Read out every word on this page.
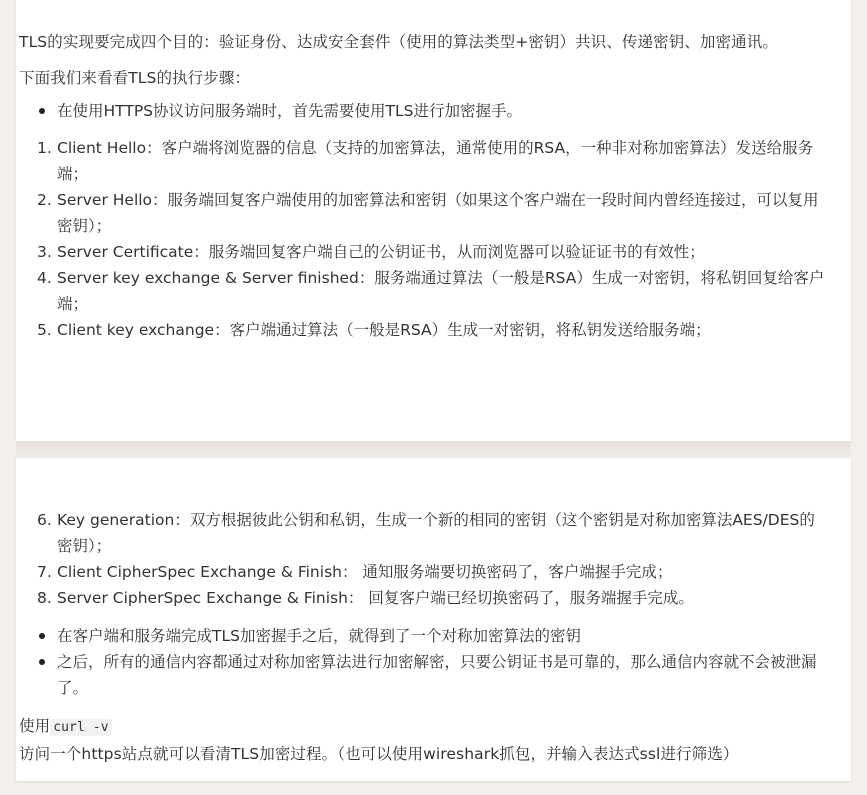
TLS的实现要完成四个目的：验证身份、达成安全套件（使用的算法类型+密钥）共识、传递密钥、加密通讯。

下面我们来看看TLS的执行步骤：

在使用HTTPS协议访问服务端时，首先需要使用TLS进行加密握手。
1. Client Hello：客户端将浏览器的信息（支持的加密算法，通常使用的RSA，一种非对称加密算法）发送给服务端；
2. Server Hello：服务端回复客户端使用的加密算法和密钥（如果这个客户端在一段时间内曾经连接过，可以复用密钥）；
3. Server Certificate：服务端回复客户端自己的公钥证书，从而浏览器可以验证证书的有效性；
4. Server key exchange & Server finished：服务端通过算法（一般是RSA）生成一对密钥，将私钥回复给客户端；
5. Client key exchange：客户端通过算法（一般是RSA）生成一对密钥，将私钥发送给服务端；
6. Key generation：双方根据彼此公钥和私钥，生成一个新的相同的密钥（这个密钥是对称加密算法AES/DES的密钥）；
7. Client CipherSpec Exchange & Finish： 通知服务端要切换密码了，客户端握手完成；
8. Server CipherSpec Exchange & Finish： 回复客户端已经切换密码了，服务端握手完成。
在客户端和服务端完成TLS加密握手之后，就得到了一个对称加密算法的密钥
之后，所有的通信内容都通过对称加密算法进行加密解密，只要公钥证书是可靠的，那么通信内容就不会被泄漏了。

使用 curl -v访问一个https站点就可以看清TLS加密过程。（也可以使用wireshark抓包，并输入表达式ssl进行筛选）
